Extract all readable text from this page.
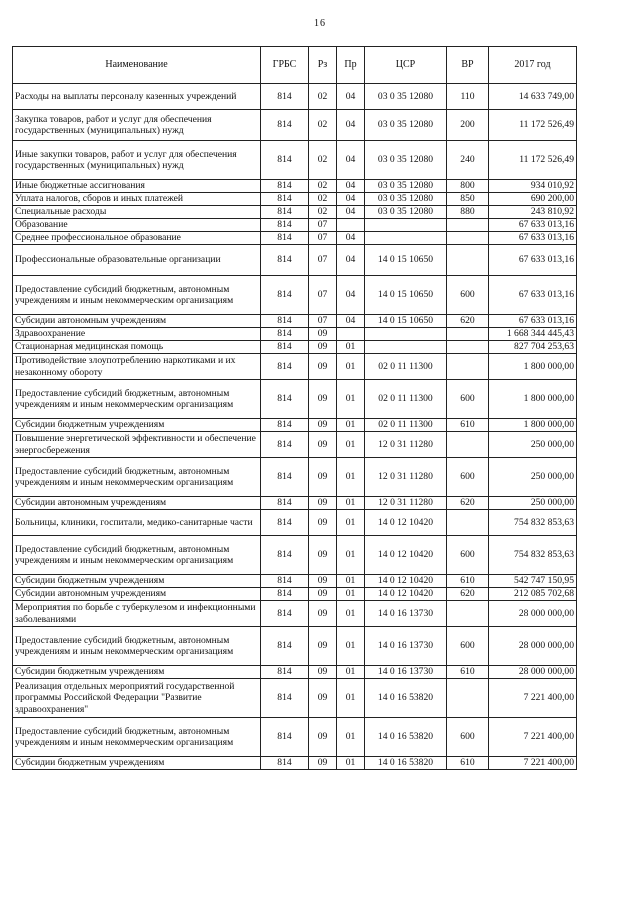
16
Наименование	ГРБС	Рз	Пр	ЦСР	ВР	2017 год
Расходы на выплаты персоналу казенных учреждений	814	02	04	03 0 35 12080	110	14 633 749,00
Закупка товаров, работ и услуг для обеспечения государственных (муниципальных) нужд	814	02	04	03 0 35 12080	200	11 172 526,49
Иные закупки товаров, работ и услуг для обеспечения государственных (муниципальных) нужд	814	02	04	03 0 35 12080	240	11 172 526,49
Иные бюджетные ассигнования	814	02	04	03 0 35 12080	800	934 010,92
Уплата налогов, сборов и иных платежей	814	02	04	03 0 35 12080	850	690 200,00
Специальные расходы	814	02	04	03 0 35 12080	880	243 810,92
Образование	814	07				67 633 013,16
Среднее профессиональное образование	814	07	04			67 633 013,16
Профессиональные образовательные организации	814	07	04	14 0 15 10650		67 633 013,16
Предоставление субсидий бюджетным, автономным учреждениям и иным некоммерческим организациям	814	07	04	14 0 15 10650	600	67 633 013,16
Субсидии автономным учреждениям	814	07	04	14 0 15 10650	620	67 633 013,16
Здравоохранение	814	09				1 668 344 445,43
Стационарная медицинская помощь	814	09	01			827 704 253,63
Противодействие злоупотреблению наркотиками и их незаконному обороту	814	09	01	02 0 11 11300		1 800 000,00
Предоставление субсидий бюджетным, автономным учреждениям и иным некоммерческим организациям	814	09	01	02 0 11 11300	600	1 800 000,00
Субсидии бюджетным учреждениям	814	09	01	02 0 11 11300	610	1 800 000,00
Повышение энергетической эффективности и обеспечение энергосбережения	814	09	01	12 0 31 11280		250 000,00
Предоставление субсидий бюджетным, автономным учреждениям и иным некоммерческим организациям	814	09	01	12 0 31 11280	600	250 000,00
Субсидии автономным учреждениям	814	09	01	12 0 31 11280	620	250 000,00
Больницы, клиники, госпитали, медико-санитарные части	814	09	01	14 0 12 10420		754 832 853,63
Предоставление субсидий бюджетным, автономным учреждениям и иным некоммерческим организациям	814	09	01	14 0 12 10420	600	754 832 853,63
Субсидии бюджетным учреждениям	814	09	01	14 0 12 10420	610	542 747 150,95
Субсидии автономным учреждениям	814	09	01	14 0 12 10420	620	212 085 702,68
Мероприятия по борьбе с туберкулезом и инфекционными заболеваниями	814	09	01	14 0 16 13730		28 000 000,00
Предоставление субсидий бюджетным, автономным учреждениям и иным некоммерческим организациям	814	09	01	14 0 16 13730	600	28 000 000,00
Субсидии бюджетным учреждениям	814	09	01	14 0 16 13730	610	28 000 000,00
Реализация отдельных мероприятий государственной программы Российской Федерации "Развитие здравоохранения"	814	09	01	14 0 16 53820		7 221 400,00
Предоставление субсидий бюджетным, автономным учреждениям и иным некоммерческим организациям	814	09	01	14 0 16 53820	600	7 221 400,00
Субсидии бюджетным учреждениям	814	09	01	14 0 16 53820	610	7 221 400,00
